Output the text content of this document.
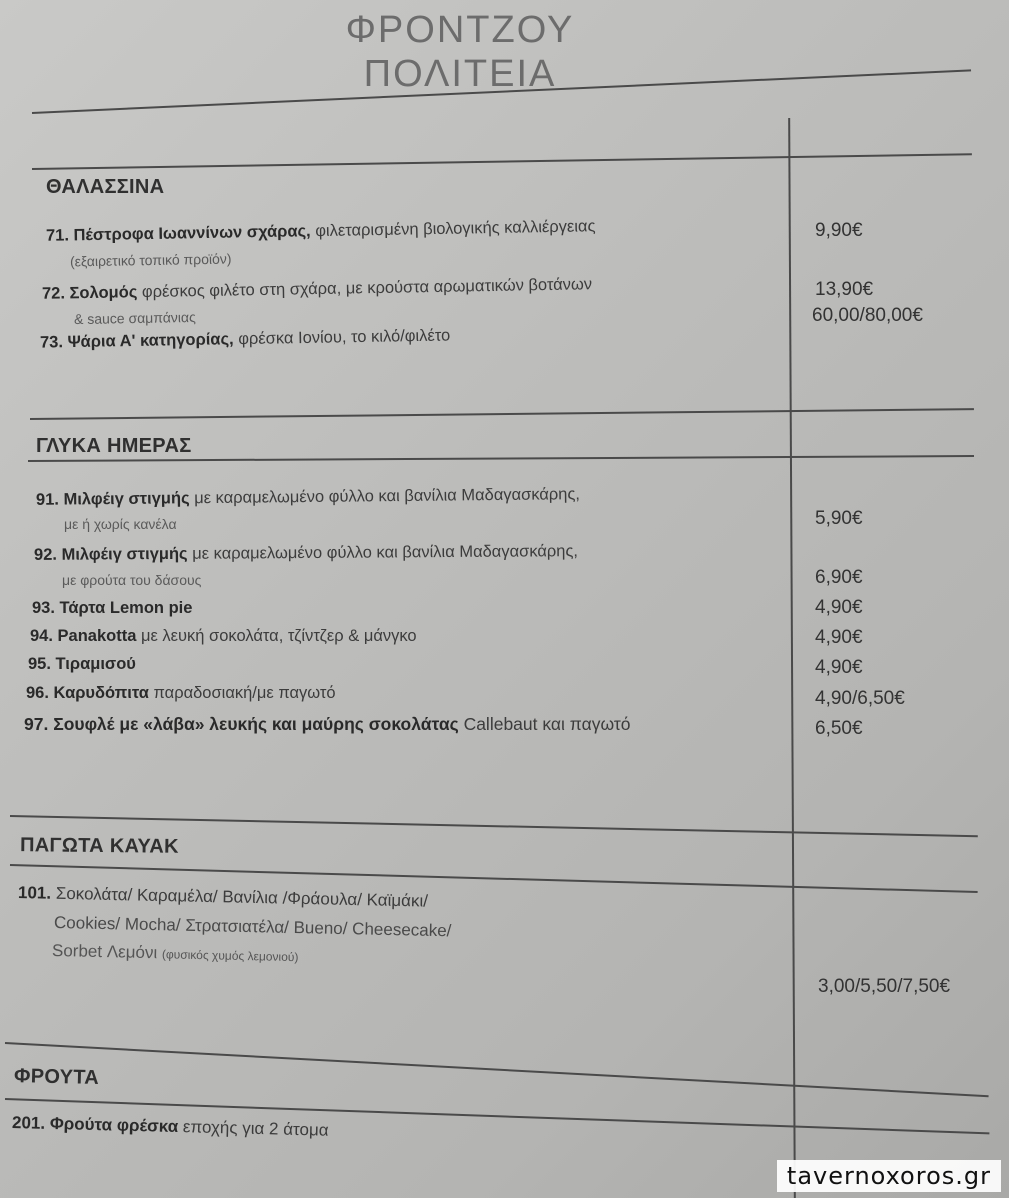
ΦΡΟΝΤΖΟΥ
ΠΟΛΙΤΕΙΑ
ΘΑΛΑΣΣΙΝΑ
71. Πέστροφα Ιωαννίνων σχάρας, φιλεταρισμένη βιολογικής καλλιέργειας
(εξαιρετικό τοπικό προϊόν)
9,90€
72. Σολομός φρέσκος φιλέτο στη σχάρα, με κρούστα αρωματικών βοτάνων
& sauce σαμπάνιας
13,90€
73. Ψάρια Α' κατηγορίας, φρέσκα Ιονίου, το κιλό/φιλέτο
60,00/80,00€
ΓΛΥΚΑ ΗΜΕΡΑΣ
91. Μιλφέιγ στιγμής με καραμελωμένο φύλλο και βανίλια Μαδαγασκάρης,
με ή χωρίς κανέλα	5,90€
92. Μιλφέιγ στιγμής με καραμελωμένο φύλλο και βανίλια Μαδαγασκάρης,
με φρούτα του δάσους	6,90€
93. Τάρτα Lemon pie	4,90€
94. Panakotta με λευκή σοκολάτα, τζίντζερ & μάνγκο	4,90€
95. Τιραμισού	4,90€
96. Καρυδόπιτα παραδοσιακή/με παγωτό	4,90/6,50€
97. Σουφλέ με «λάβα» λευκής και μαύρης σοκολάτας Callebaut και παγωτό	6,50€
ΠΑΓΩΤΑ ΚΑΥΑΚ
101. Σοκολάτα/ Καραμέλα/ Βανίλια /Φράουλα/ Καϊμάκι/
Cookies/ Mocha/ Στρατσιατέλα/ Bueno/ Cheesecake/
Sorbet Λεμόνι (φυσικός χυμός λεμονιού)
3,00/5,50/7,50€
ΦΡΟΥΤΑ
201. Φρούτα φρέσκα εποχής για 2 άτομα
tavernoxoros.gr
